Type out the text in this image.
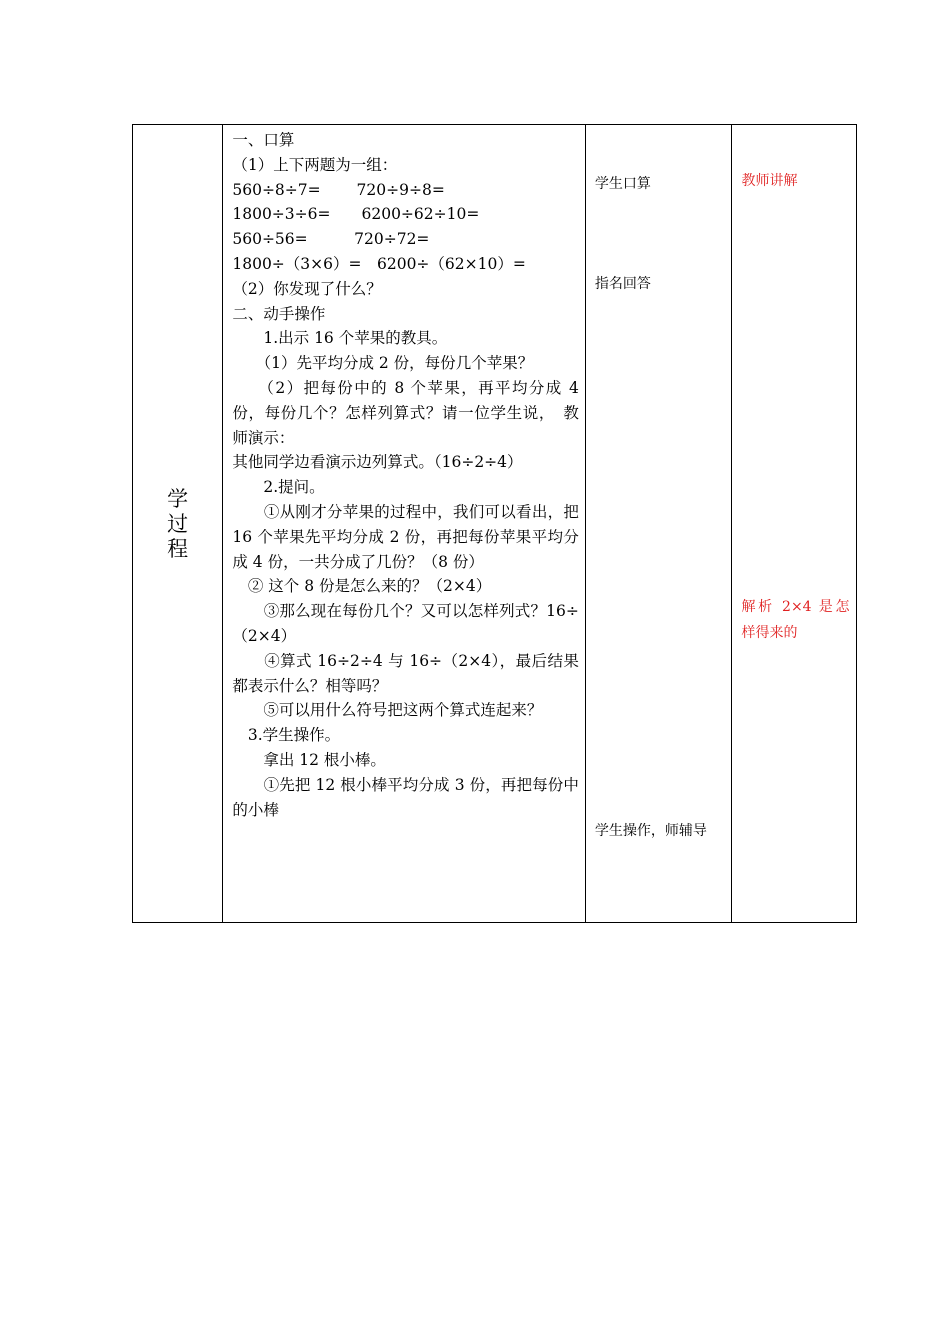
学
过
程

一、口算
（1）上下两题为一组：
560÷8÷7=　　 720÷9÷8=
1800÷3÷6=　　6200÷62÷10=
560÷56=　　　720÷72=
1800÷（3×6）=　6200÷（62×10）=
（2）你发现了什么？
二、动手操作
　　1.出示 16 个苹果的教具。
　　（1）先平均分成 2 份，每份几个苹果？
　　（2）把每份中的 8 个苹果，再平均分成 4 份，每份几个？怎样列算式？请一位学生说，　教师演示：
其他同学边看演示边列算式。（16÷2÷4）
　　2.提问。
　　①从刚才分苹果的过程中，我们可以看出，把 16 个苹果先平均分成 2 份，再把每份苹果平均分成 4 份，一共分成了几份？（8 份）
　② 这个 8 份是怎么来的？（2×4）
　　③那么现在每份几个？又可以怎样列式？16÷（2×4）
　　④算式 16÷2÷4 与 16÷（2×4），最后结果都表示什么？相等吗？
　　⑤可以用什么符号把这两个算式连起来？
　3.学生操作。
　　拿出 12 根小棒。
　　①先把 12 根小棒平均分成 3 份，再把每份中的小棒

学生口算
指名回答
学生操作，师辅导

教师讲解
解析 2×4 是怎样得来的
